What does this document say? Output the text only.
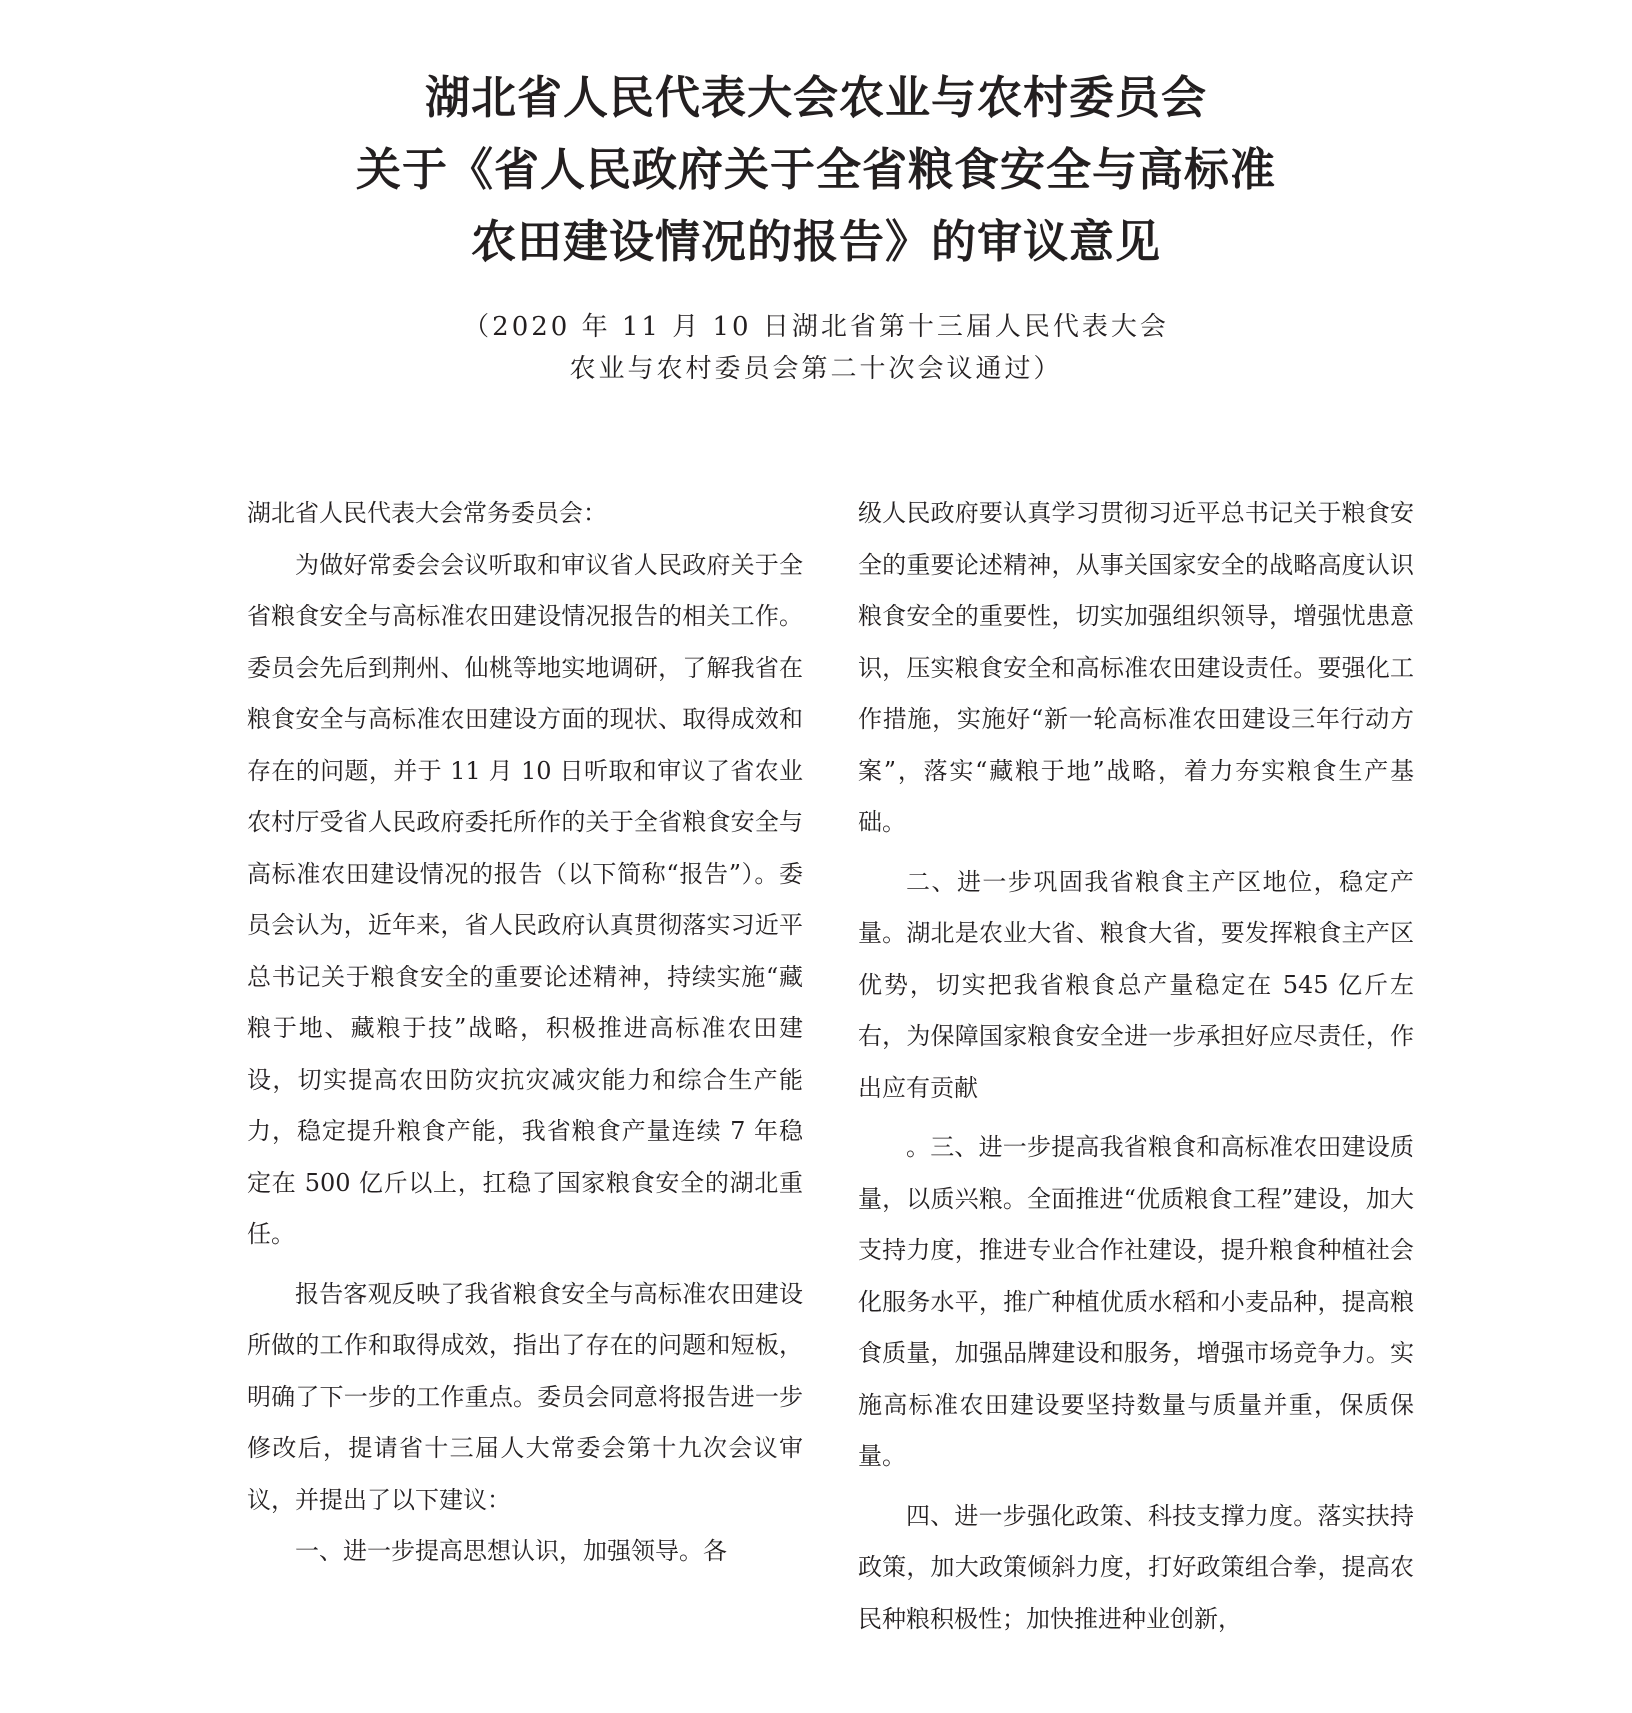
湖北省人民代表大会农业与农村委员会
关于《省人民政府关于全省粮食安全与高标准
农田建设情况的报告》的审议意见
（2020 年 11 月 10 日湖北省第十三届人民代表大会
农业与农村委员会第二十次会议通过）

湖北省人民代表大会常务委员会：

为做好常委会会议听取和审议省人民政府关于全省粮食安全与高标准农田建设情况报告的相关工作。委员会先后到荆州、仙桃等地实地调研，了解我省在粮食安全与高标准农田建设方面的现状、取得成效和存在的问题，并于 11 月 10 日听取和审议了省农业农村厅受省人民政府委托所作的关于全省粮食安全与高标准农田建设情况的报告（以下简称“报告”）。委员会认为，近年来，省人民政府认真贯彻落实习近平总书记关于粮食安全的重要论述精神，持续实施“藏粮于地、藏粮于技”战略，积极推进高标准农田建设，切实提高农田防灾抗灾减灾能力和综合生产能力，稳定提升粮食产能，我省粮食产量连续 7 年稳定在 500 亿斤以上，扛稳了国家粮食安全的湖北重任。

报告客观反映了我省粮食安全与高标准农田建设所做的工作和取得成效，指出了存在的问题和短板，明确了下一步的工作重点。委员会同意将报告进一步修改后，提请省十三届人大常委会第十九次会议审议，并提出了以下建议：

一、进一步提高思想认识，加强领导。各

级人民政府要认真学习贯彻习近平总书记关于粮食安全的重要论述精神，从事关国家安全的战略高度认识粮食安全的重要性，切实加强组织领导，增强忧患意识，压实粮食安全和高标准农田建设责任。要强化工作措施，实施好“新一轮高标准农田建设三年行动方案”，落实“藏粮于地”战略，着力夯实粮食生产基础。

二、进一步巩固我省粮食主产区地位，稳定产量。湖北是农业大省、粮食大省，要发挥粮食主产区优势，切实把我省粮食总产量稳定在 545 亿斤左右，为保障国家粮食安全进一步承担好应尽责任，作出应有贡献

。三、进一步提高我省粮食和高标准农田建设质量，以质兴粮。全面推进“优质粮食工程”建设，加大支持力度，推进专业合作社建设，提升粮食种植社会化服务水平，推广种植优质水稻和小麦品种，提高粮食质量，加强品牌建设和服务，增强市场竞争力。实施高标准农田建设要坚持数量与质量并重，保质保量。

四、进一步强化政策、科技支撑力度。落实扶持政策，加大政策倾斜力度，打好政策组合拳，提高农民种粮积极性；加快推进种业创新，
